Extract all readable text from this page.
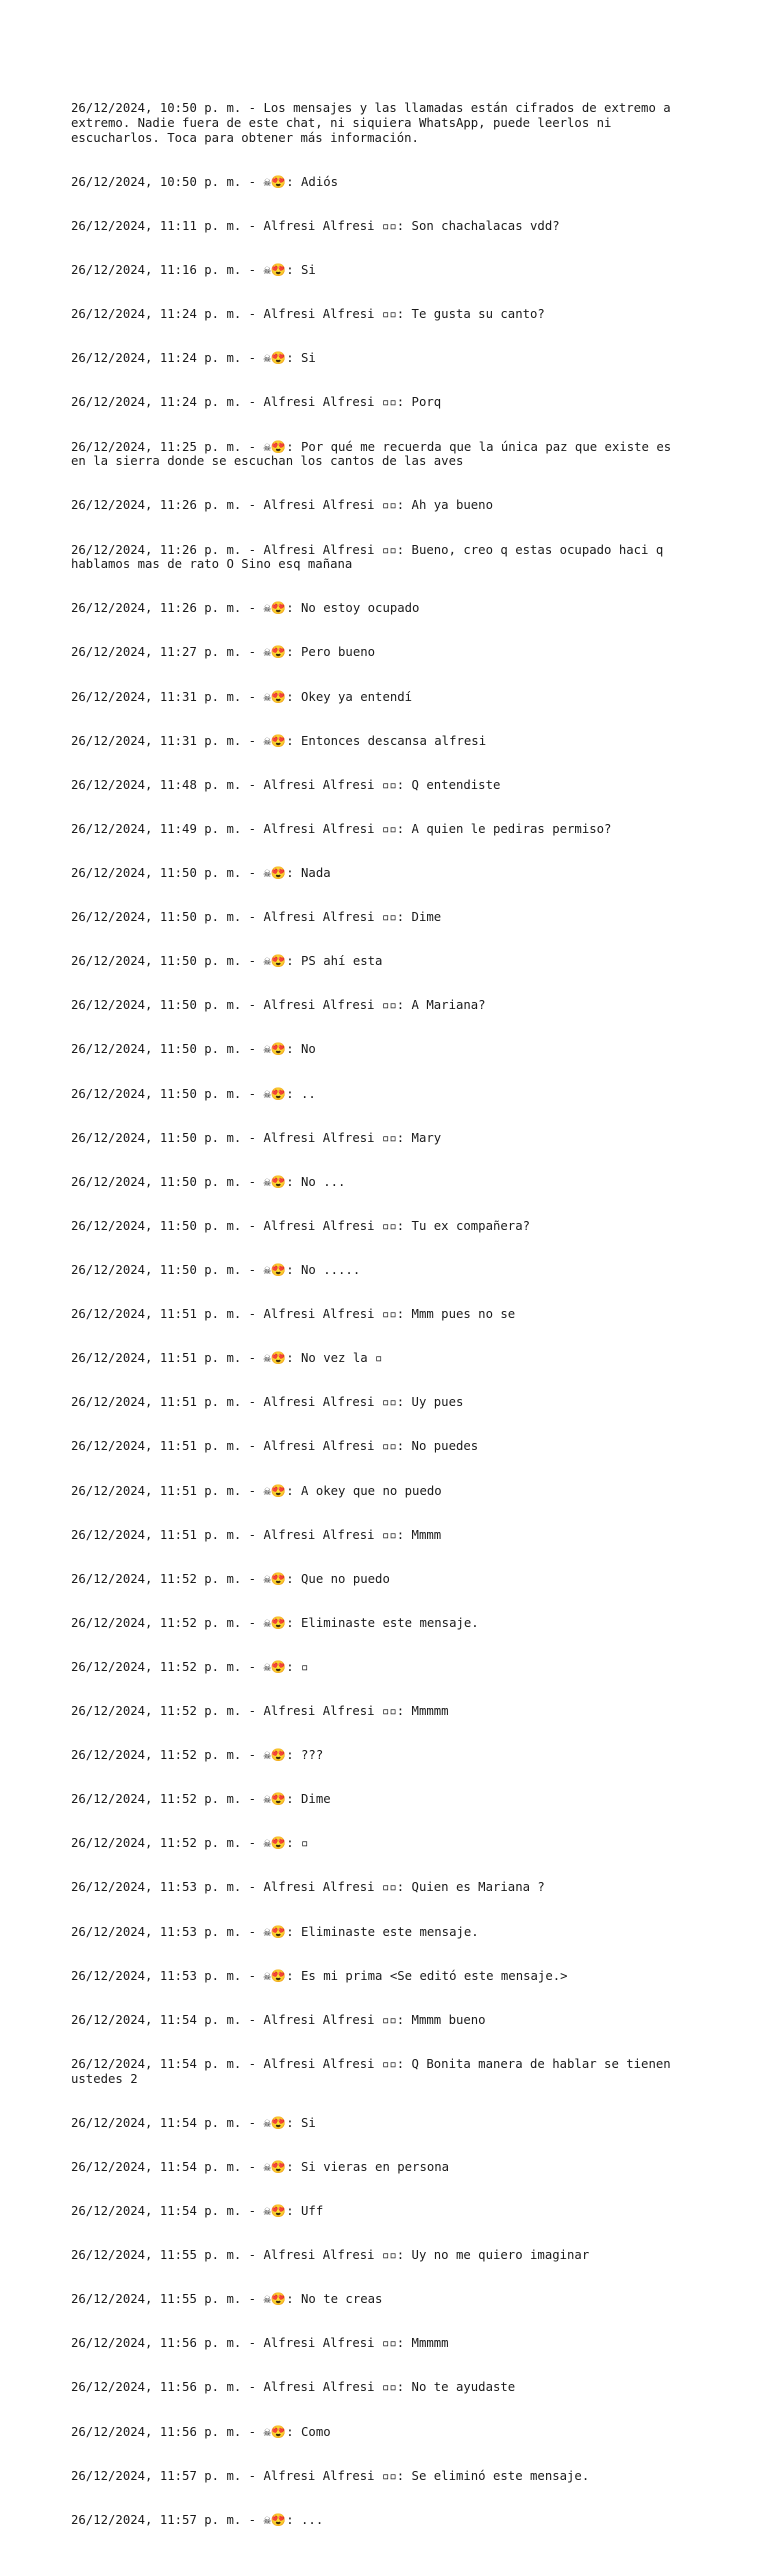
26/12/2024, 10:50 p. m. - Los mensajes y las llamadas están cifrados de extremo a extremo. Nadie fuera de este chat, ni siquiera WhatsApp, puede leerlos ni escucharlos. Toca para obtener más información.

26/12/2024, 10:50 p. m. - ☠😍: Adiós

26/12/2024, 11:11 p. m. - Alfresi Alfresi ▫▫: Son chachalacas vdd?

26/12/2024, 11:16 p. m. - ☠😍: Si

26/12/2024, 11:24 p. m. - Alfresi Alfresi ▫▫: Te gusta su canto?

26/12/2024, 11:24 p. m. - ☠😍: Si

26/12/2024, 11:24 p. m. - Alfresi Alfresi ▫▫: Porq

26/12/2024, 11:25 p. m. - ☠😍: Por qué me recuerda que la única paz que existe es en la sierra donde se escuchan los cantos de las aves

26/12/2024, 11:26 p. m. - Alfresi Alfresi ▫▫: Ah ya bueno

26/12/2024, 11:26 p. m. - Alfresi Alfresi ▫▫: Bueno, creo q estas ocupado haci q hablamos mas de rato O Sino esq mañana

26/12/2024, 11:26 p. m. - ☠😍: No estoy ocupado

26/12/2024, 11:27 p. m. - ☠😍: Pero bueno

26/12/2024, 11:31 p. m. - ☠😍: Okey ya entendí

26/12/2024, 11:31 p. m. - ☠😍: Entonces descansa alfresi

26/12/2024, 11:48 p. m. - Alfresi Alfresi ▫▫: Q entendiste

26/12/2024, 11:49 p. m. - Alfresi Alfresi ▫▫: A quien le pediras permiso?

26/12/2024, 11:50 p. m. - ☠😍: Nada

26/12/2024, 11:50 p. m. - Alfresi Alfresi ▫▫: Dime

26/12/2024, 11:50 p. m. - ☠😍: PS ahí esta

26/12/2024, 11:50 p. m. - Alfresi Alfresi ▫▫: A Mariana?

26/12/2024, 11:50 p. m. - ☠😍: No

26/12/2024, 11:50 p. m. - ☠😍: ..

26/12/2024, 11:50 p. m. - Alfresi Alfresi ▫▫: Mary

26/12/2024, 11:50 p. m. - ☠😍: No ...

26/12/2024, 11:50 p. m. - Alfresi Alfresi ▫▫: Tu ex compañera?

26/12/2024, 11:50 p. m. - ☠😍: No .....

26/12/2024, 11:51 p. m. - Alfresi Alfresi ▫▫: Mmm pues no se

26/12/2024, 11:51 p. m. - ☠😍: No vez la ▫

26/12/2024, 11:51 p. m. - Alfresi Alfresi ▫▫: Uy pues

26/12/2024, 11:51 p. m. - Alfresi Alfresi ▫▫: No puedes

26/12/2024, 11:51 p. m. - ☠😍: A okey que no puedo

26/12/2024, 11:51 p. m. - Alfresi Alfresi ▫▫: Mmmm

26/12/2024, 11:52 p. m. - ☠😍: Que no puedo

26/12/2024, 11:52 p. m. - ☠😍: Eliminaste este mensaje.

26/12/2024, 11:52 p. m. - ☠😍: ▫

26/12/2024, 11:52 p. m. - Alfresi Alfresi ▫▫: Mmmmm

26/12/2024, 11:52 p. m. - ☠😍: ???

26/12/2024, 11:52 p. m. - ☠😍: Dime

26/12/2024, 11:52 p. m. - ☠😍: ▫

26/12/2024, 11:53 p. m. - Alfresi Alfresi ▫▫: Quien es Mariana ?

26/12/2024, 11:53 p. m. - ☠😍: Eliminaste este mensaje.

26/12/2024, 11:53 p. m. - ☠😍: Es mi prima <Se editó este mensaje.>

26/12/2024, 11:54 p. m. - Alfresi Alfresi ▫▫: Mmmm bueno

26/12/2024, 11:54 p. m. - Alfresi Alfresi ▫▫: Q Bonita manera de hablar se tienen ustedes 2

26/12/2024, 11:54 p. m. - ☠😍: Si

26/12/2024, 11:54 p. m. - ☠😍: Si vieras en persona

26/12/2024, 11:54 p. m. - ☠😍: Uff

26/12/2024, 11:55 p. m. - Alfresi Alfresi ▫▫: Uy no me quiero imaginar

26/12/2024, 11:55 p. m. - ☠😍: No te creas

26/12/2024, 11:56 p. m. - Alfresi Alfresi ▫▫: Mmmmm

26/12/2024, 11:56 p. m. - Alfresi Alfresi ▫▫: No te ayudaste

26/12/2024, 11:56 p. m. - ☠😍: Como

26/12/2024, 11:57 p. m. - Alfresi Alfresi ▫▫: Se eliminó este mensaje.

26/12/2024, 11:57 p. m. - ☠😍: ...
